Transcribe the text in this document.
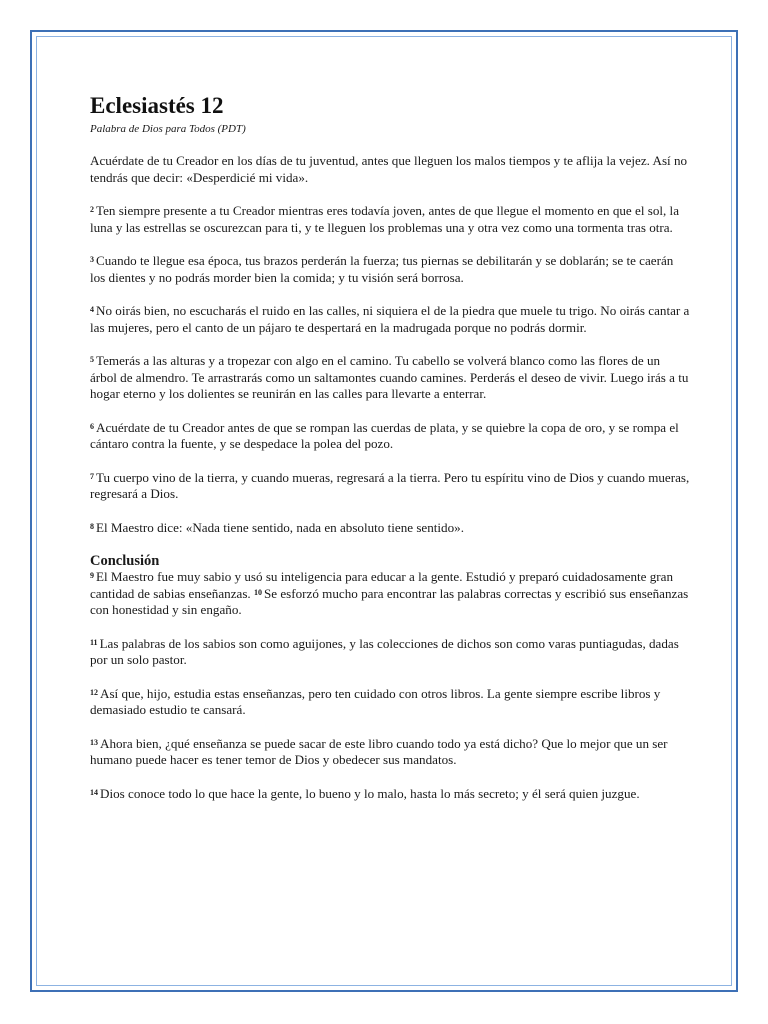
Eclesiastés 12
Palabra de Dios para Todos (PDT)

Acuérdate de tu Creador en los días de tu juventud, antes que lleguen los malos tiempos y te aflija la vejez. Así no tendrás que decir: «Desperdicié mi vida».

$^2$ Ten siempre presente a tu Creador mientras eres todavía joven, antes de que llegue el momento en que el sol, la luna y las estrellas se oscurezcan para ti, y te lleguen los problemas una y otra vez como una tormenta tras otra.

$^3$ Cuando te llegue esa época, tus brazos perderán la fuerza; tus piernas se debilitarán y se doblarán; se te caerán los dientes y no podrás morder bien la comida; y tu visión será borrosa.

$^4$ No oirás bien, no escucharás el ruido en las calles, ni siquiera el de la piedra que muele tu trigo. No oirás cantar a las mujeres, pero el canto de un pájaro te despertará en la madrugada porque no podrás dormir.

$^5$ Temerás a las alturas y a tropezar con algo en el camino. Tu cabello se volverá blanco como las flores de un árbol de almendro. Te arrastrarás como un saltamontes cuando camines. Perderás el deseo de vivir. Luego irás a tu hogar eterno y los dolientes se reunirán en las calles para llevarte a enterrar.

$^6$ Acuérdate de tu Creador antes de que se rompan las cuerdas de plata, y se quiebre la copa de oro, y se rompa el cántaro contra la fuente, y se despedace la polea del pozo.

$^7$ Tu cuerpo vino de la tierra, y cuando mueras, regresará a la tierra. Pero tu espíritu vino de Dios y cuando mueras, regresará a Dios.

$^8$ El Maestro dice: «Nada tiene sentido, nada en absoluto tiene sentido».

Conclusión

$^9$ El Maestro fue muy sabio y usó su inteligencia para educar a la gente. Estudió y preparó cuidadosamente gran cantidad de sabias enseñanzas. $^{10}$ Se esforzó mucho para encontrar las palabras correctas y escribió sus enseñanzas con honestidad y sin engaño.

$^{11}$ Las palabras de los sabios son como aguijones, y las colecciones de dichos son como varas puntiagudas, dadas por un solo pastor.

$^{12}$ Así que, hijo, estudia estas enseñanzas, pero ten cuidado con otros libros. La gente siempre escribe libros y demasiado estudio te cansará.

$^{13}$ Ahora bien, ¿qué enseñanza se puede sacar de este libro cuando todo ya está dicho? Que lo mejor que un ser humano puede hacer es tener temor de Dios y obedecer sus mandatos.

$^{14}$ Dios conoce todo lo que hace la gente, lo bueno y lo malo, hasta lo más secreto; y él será quien juzgue.
